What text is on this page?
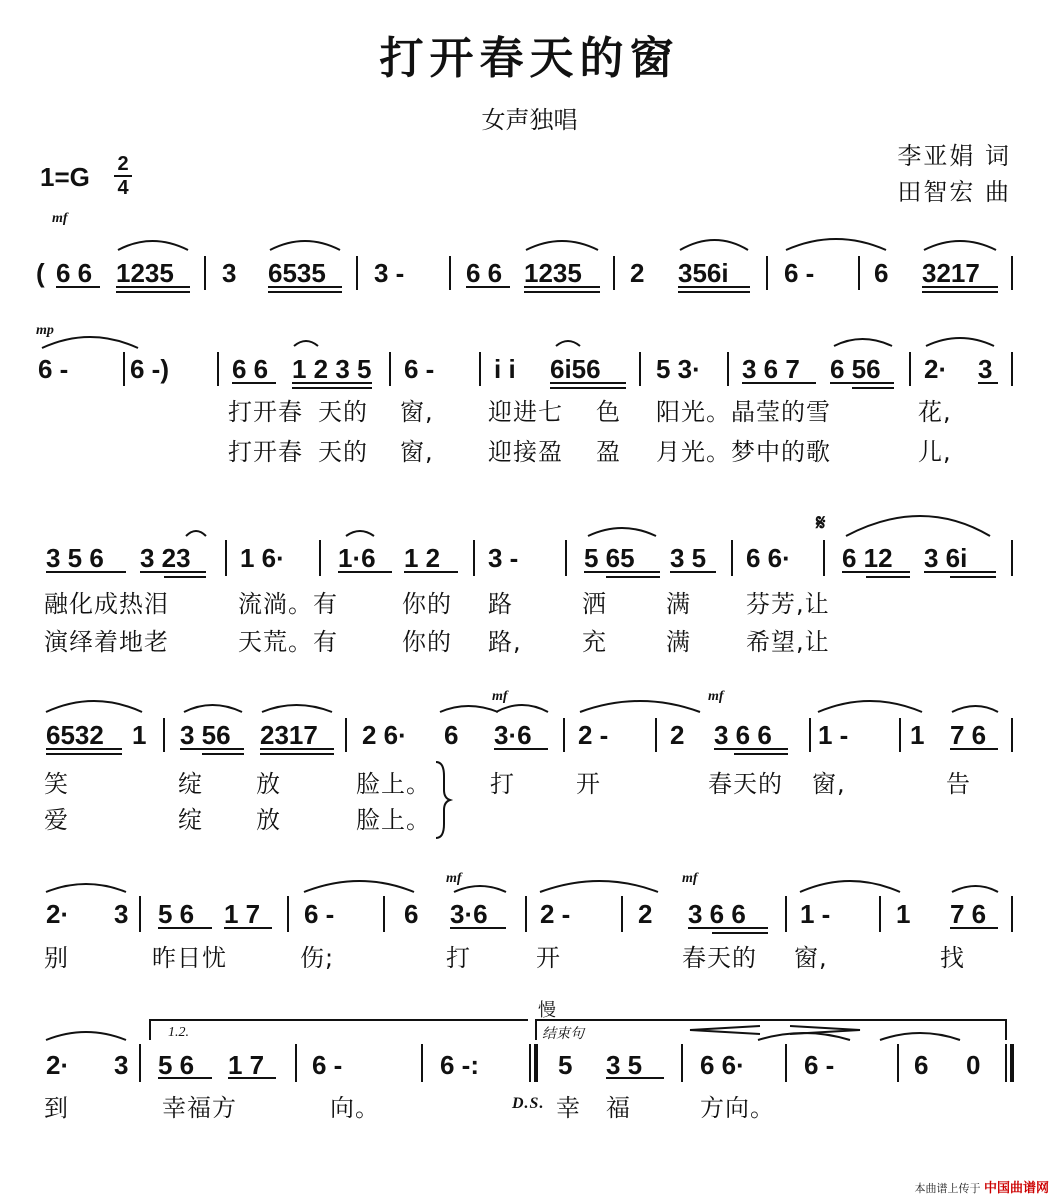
打开春天的窗
女声独唱
李亚娟 词
田智宏 曲
1=G 2
4
mf
( 6 6 1235 3 6535 3 - 6 6 1235 2 356i 6 - 6 3217
mp
6 - 6 -) 6 6 1 2 3 5 6 - i i 6i56 5 3· 3 6 7 6 56 2· 3
3 5 6 3 23 1 6· 1·6 1 2 3 -	5 65 3 5 6 6· 6 12 3 6i
𝄋
6532 1 3 56 2317 2 6· 6 3·6 2 - 2 3 6 6 1 - 1 7 6
mf	mf
2· 3 5 6 1 7 6 -	6 3·6 2 -	2 3 6 6 1 -	1 7 6
mf	mf
2· 3 5 6 1 7 6 -	6 -:	5 3 5 6 6· 6 -	6 0
1.2.	结束句
慢
打开春 天的 窗, 迎进七 色 阳光。晶莹的雪	花,
打开春 天的 窗, 迎接盈 盈 月光。梦中的歌	儿,
融化成热泪	流淌。有	你的 路	洒 满 芬芳,让
演绎着地老	天荒。有	你的 路,	充 满 希望,让
笑	绽 放	脸上。 打	开	春天的 窗,	告
爱	绽 放	脸上。
别	昨日忧	伤;	打	开	春天的 窗,	找
到	幸福方	向。	幸 福	方向。
D.S.
本曲谱上传于 中国曲谱网
